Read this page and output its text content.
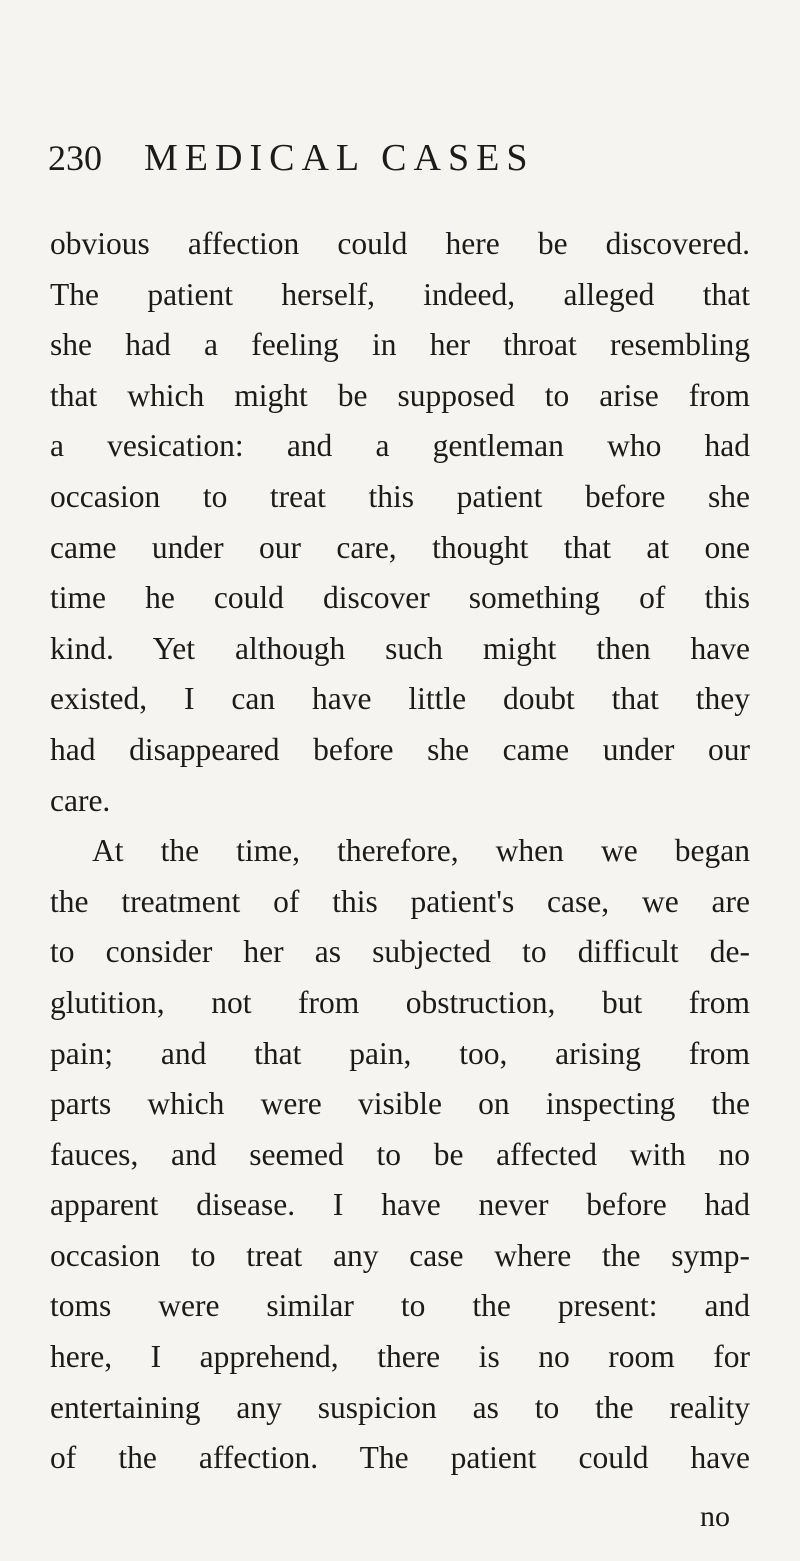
230 MEDICAL CASES
obvious affection could here be discovered.
The patient herself, indeed, alleged that
she had a feeling in her throat resembling
that which might be supposed to arise from
a vesication: and a gentleman who had
occasion to treat this patient before she
came under our care, thought that at one
time he could discover something of this
kind. Yet although such might then have
existed, I can have little doubt that they
had disappeared before she came under our
care.
At the time, therefore, when we began
the treatment of this patient's case, we are
to consider her as subjected to difficult de-
glutition, not from obstruction, but from
pain; and that pain, too, arising from
parts which were visible on inspecting the
fauces, and seemed to be affected with no
apparent disease. I have never before had
occasion to treat any case where the symp-
toms were similar to the present: and
here, I apprehend, there is no room for
entertaining any suspicion as to the reality
of the affection. The patient could have
no
